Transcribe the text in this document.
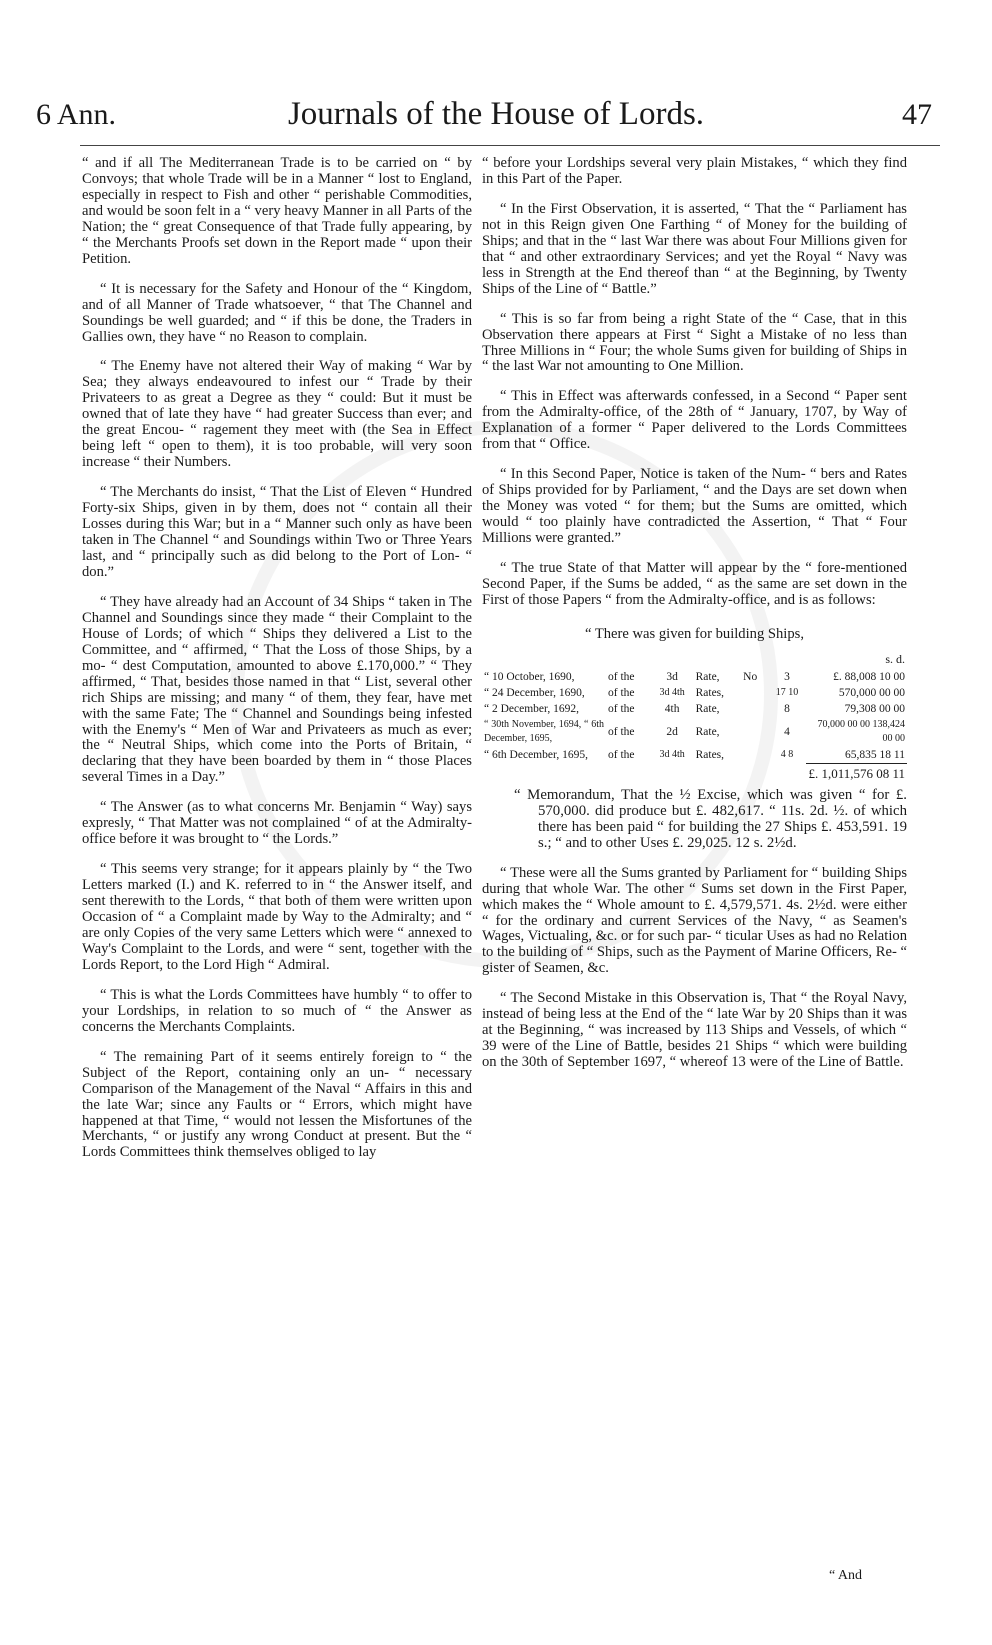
6 Ann.	Journals of the House of Lords.	47

“ and if all The Mediterranean Trade is to be carried on “ by Convoys; that whole Trade will be in a Manner “ lost to England, especially in respect to Fish and other “ perishable Commodities, and would be soon felt in a “ very heavy Manner in all Parts of the Nation; the “ great Consequence of that Trade fully appearing, by “ the Merchants Proofs set down in the Report made “ upon their Petition.

“ It is necessary for the Safety and Honour of the “ Kingdom, and of all Manner of Trade whatsoever, “ that The Channel and Soundings be well guarded; and “ if this be done, the Traders in Gallies own, they have “ no Reason to complain.

“ The Enemy have not altered their Way of making “ War by Sea; they always endeavoured to infest our “ Trade by their Privateers to as great a Degree as they “ could: But it must be owned that of late they have “ had greater Success than ever; and the great Encou- “ ragement they meet with (the Sea in Effect being left “ open to them), it is too probable, will very soon increase “ their Numbers.

“ The Merchants do insist, “ That the List of Eleven “ Hundred Forty-six Ships, given in by them, does not “ contain all their Losses during this War; but in a “ Manner such only as have been taken in The Channel “ and Soundings within Two or Three Years last, and “ principally such as did belong to the Port of Lon- “ don.”

“ They have already had an Account of 34 Ships “ taken in The Channel and Soundings since they made “ their Complaint to the House of Lords; of which “ Ships they delivered a List to the Committee, and “ affirmed, “ That the Loss of those Ships, by a mo- “ dest Computation, amounted to above £.170,000.” “ They affirmed, “ That, besides those named in that “ List, several other rich Ships are missing; and many “ of them, they fear, have met with the same Fate; The “ Channel and Soundings being infested with the Enemy's “ Men of War and Privateers as much as ever; the “ Neutral Ships, which come into the Ports of Britain, “ declaring that they have been boarded by them in “ those Places several Times in a Day.”

“ The Answer (as to what concerns Mr. Benjamin “ Way) says expresly, “ That Matter was not complained “ of at the Admiralty-office before it was brought to “ the Lords.”

“ This seems very strange; for it appears plainly by “ the Two Letters marked (I.) and K. referred to in “ the Answer itself, and sent therewith to the Lords, “ that both of them were written upon Occasion of “ a Complaint made by Way to the Admiralty; and “ are only Copies of the very same Letters which were “ annexed to Way's Complaint to the Lords, and were “ sent, together with the Lords Report, to the Lord High “ Admiral.

“ This is what the Lords Committees have humbly “ to offer to your Lordships, in relation to so much of “ the Answer as concerns the Merchants Complaints.

“ The remaining Part of it seems entirely foreign to “ the Subject of the Report, containing only an un- “ necessary Comparison of the Management of the Naval “ Affairs in this and the late War; since any Faults or “ Errors, which might have happened at that Time, “ would not lessen the Misfortunes of the Merchants, “ or justify any wrong Conduct at present. But the “ Lords Committees think themselves obliged to lay

“ before your Lordships several very plain Mistakes, “ which they find in this Part of the Paper.

“ In the First Observation, it is asserted, “ That the “ Parliament has not in this Reign given One Farthing “ of Money for the building of Ships; and that in the “ last War there was about Four Millions given for that “ and other extraordinary Services; and yet the Royal “ Navy was less in Strength at the End thereof than “ at the Beginning, by Twenty Ships of the Line of “ Battle.”

“ This is so far from being a right State of the “ Case, that in this Observation there appears at First “ Sight a Mistake of no less than Three Millions in “ Four; the whole Sums given for building of Ships in “ the last War not amounting to One Million.

“ This in Effect was afterwards confessed, in a Second “ Paper sent from the Admiralty-office, of the 28th of “ January, 1707, by Way of Explanation of a former “ Paper delivered to the Lords Committees from that “ Office.

“ In this Second Paper, Notice is taken of the Num- “ bers and Rates of Ships provided for by Parliament, “ and the Days are set down when the Money was voted “ for them; but the Sums are omitted, which would “ too plainly have contradicted the Assertion, “ That “ Four Millions were granted.”

“ The true State of that Matter will appear by the “ fore-mentioned Second Paper, if the Sums be added, “ as the same are set down in the First of those Papers “ from the Admiralty-office, and is as follows:

“ There was given for building Ships,

						s. d.
“ 10 October, 1690,	of the	3d	Rate,	No	3	£. 88,008 10 00
“ 24 December, 1690,	of the	3d 4th	Rates,		17 10	570,000 00 00
“ 2 December, 1692,	of the	4th	Rate,		8	79,308 00 00
“ 30th November, 1694, “ 6th December, 1695,	of the	2d	Rate,		4	70,000 00 00 138,424 00 00
“ 6th December, 1695,	of the	3d 4th	Rates,		4 8	65,835 18 11
						£. 1,011,576 08 11

“ Memorandum, That the ½ Excise, which was given “ for £. 570,000. did produce but £. 482,617. “ 11s. 2d. ½. of which there has been paid “ for building the 27 Ships £. 453,591. 19 s.; “ and to other Uses £. 29,025. 12 s. 2½d.

“ These were all the Sums granted by Parliament for “ building Ships during that whole War. The other “ Sums set down in the First Paper, which makes the “ Whole amount to £. 4,579,571. 4s. 2½d. were either “ for the ordinary and current Services of the Navy, “ as Seamen's Wages, Victualing, &c. or for such par- “ ticular Uses as had no Relation to the building of “ Ships, such as the Payment of Marine Officers, Re- “ gister of Seamen, &c.

“ The Second Mistake in this Observation is, That “ the Royal Navy, instead of being less at the End of the “ late War by 20 Ships than it was at the Beginning, “ was increased by 113 Ships and Vessels, of which “ 39 were of the Line of Battle, besides 21 Ships “ which were building on the 30th of September 1697, “ whereof 13 were of the Line of Battle.

“ And
